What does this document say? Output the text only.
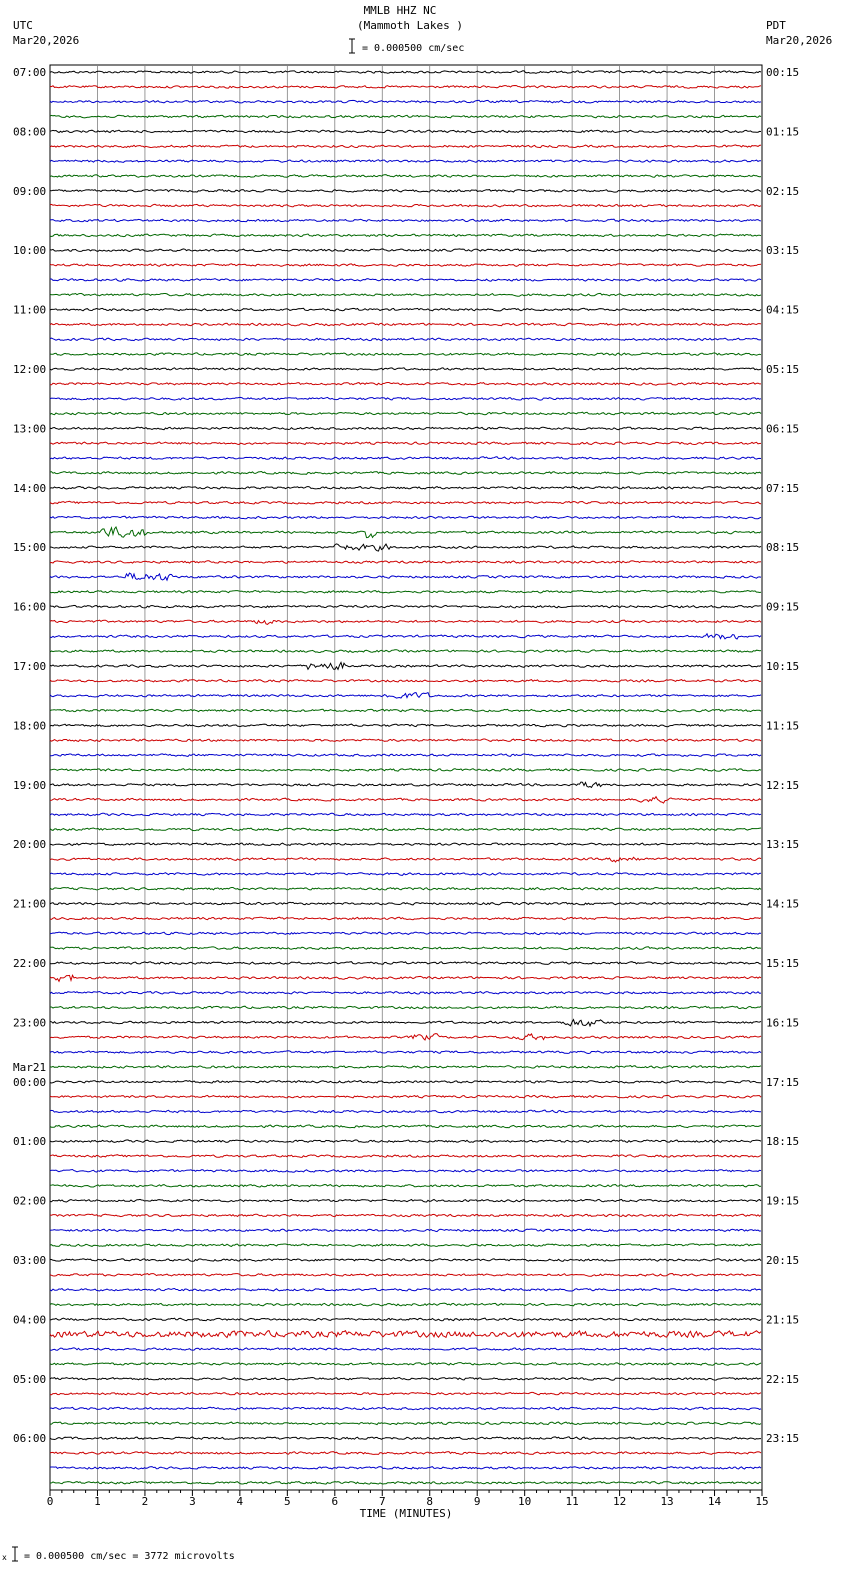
MMLB HHZ NC
(Mammoth Lakes )
UTC
Mar20,2026
PDT
Mar20,2026
= 0.000500 cm/sec
07:00
08:00
09:00
10:00
11:00
12:00
13:00
14:00
15:00
16:00
17:00
18:00
19:00
20:00
21:00
22:00
23:00
00:00
01:00
02:00
03:00
04:00
05:00
06:00
00:15
01:15
02:15
03:15
04:15
05:15
06:15
07:15
08:15
09:15
10:15
11:15
12:15
13:15
14:15
15:15
16:15
17:15
18:15
19:15
20:15
21:15
22:15
23:15
Mar21
0	1	2	3	4	5	6	7	8	9	10	11	12	13	14	15
TIME (MINUTES)
x = 0.000500 cm/sec = 3772 microvolts
